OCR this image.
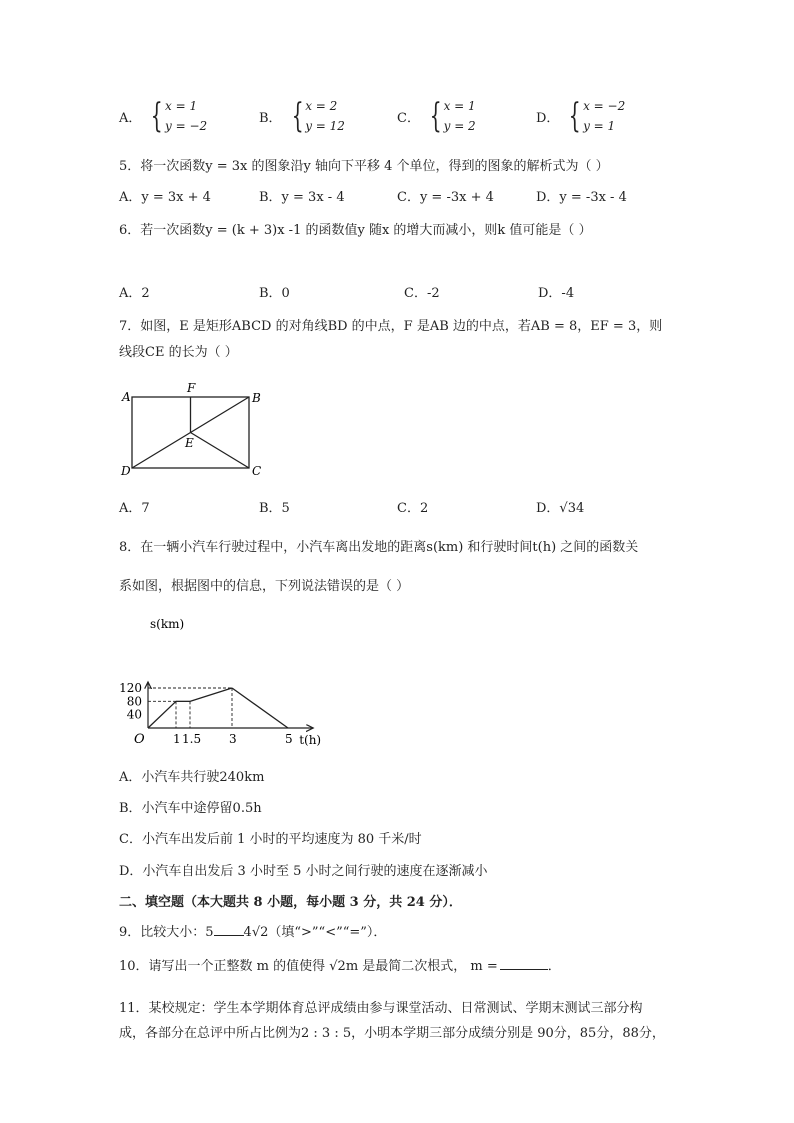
A． { x = 1
y = −2
B． { x = 2
y = 12
C． { x = 1
y = 2
D． { x = −2
y = 1
5．将一次函数y = 3x 的图象沿y 轴向下平移 4 个单位，得到的图象的解析式为（ ）
A．y = 3x + 4	B．y = 3x - 4	C．y = -3x + 4	D．y = -3x - 4
6．若一次函数y = (k + 3)x -1 的函数值y 随x 的增大而减小，则k 值可能是（ ）
A．2	B．0	C．-2	D．-4
7．如图，E 是矩形ABCD 的对角线BD 的中点，F 是AB 边的中点，若AB = 8，EF = 3，则
线段CE 的长为（ ）
A	B
C
D
E
F
A．7	B．5	C．2	D．√34
8．在一辆小汽车行驶过程中，小汽车离出发地的距离s(km) 和行驶时间t(h) 之间的函数关
系如图，根据图中的信息，下列说法错误的是（ ）
1 1.5 3	5
40
80
120
O
s(km)
t(h)
A．小汽车共行驶240km
B．小汽车中途停留0.5h
C．小汽车出发后前 1 小时的平均速度为 80 千米/时
D．小汽车自出发后 3 小时至 5 小时之间行驶的速度在逐渐减小
二、填空题（本大题共 8 小题，每小题 3 分，共 24 分）．
9．比较大小：5 4√2（填“>”“<”“=”）．
10．请写出一个正整数 m 的值使得 √2m 是最简二次根式， m =	．
11．某校规定：学生本学期体育总评成绩由参与课堂活动、日常测试、学期末测试三部分构
成，各部分在总评中所占比例为2 : 3 : 5，小明本学期三部分成绩分别是 90分，85分，88分，
